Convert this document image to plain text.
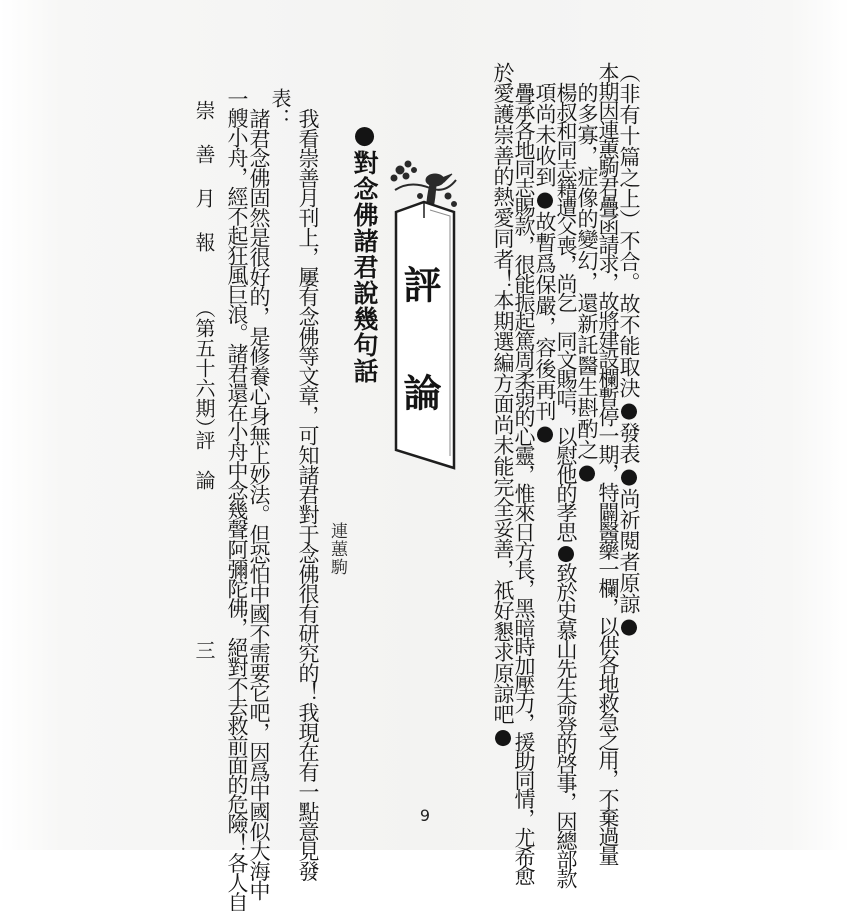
（非有十篇之上）不合。故不能取決●發表●尚祈閱者原諒●
本期因連蕙駒君疊函請求，故將建設欄暫停一期，特闢醫藥一欄，以供各地救急之用，不棄過量
的多寡，症像的變幻，還新託醫生斟酌之●
楊叔和同志籍遭父喪，尚乞　同文賜唁，以慰他的孝思●致於史慕山先生命登的啓事，因總部款
項尚未收到●故暫爲保嚴，容後再刊●
疊承各地同志賜款，很能振起篤周柔弱的心靈，惟來日方長，黑暗時加壓力，援助同情，尤希愈
於愛護崇善的熱愛同者！本期選編方面尚未能完全妥善，祇好懇求原諒吧●
評　論
●對念佛諸君說幾句話
連蕙駒
我看崇善月刊上，屢有念佛等文章，可知諸君對于念佛很有研究的！我現在有一點意見發
表：
諸君念佛固然是很好的，是修養心身無上妙法。但恐怕中國不需要它吧，因爲中國似大海中
一艘小舟，經不起狂風巨浪。諸君還在小舟中念幾聲阿彌陀佛，絕對不去救前面的危險！各人自
崇　善　月　報
（第五十六期）
評　論
三
9
